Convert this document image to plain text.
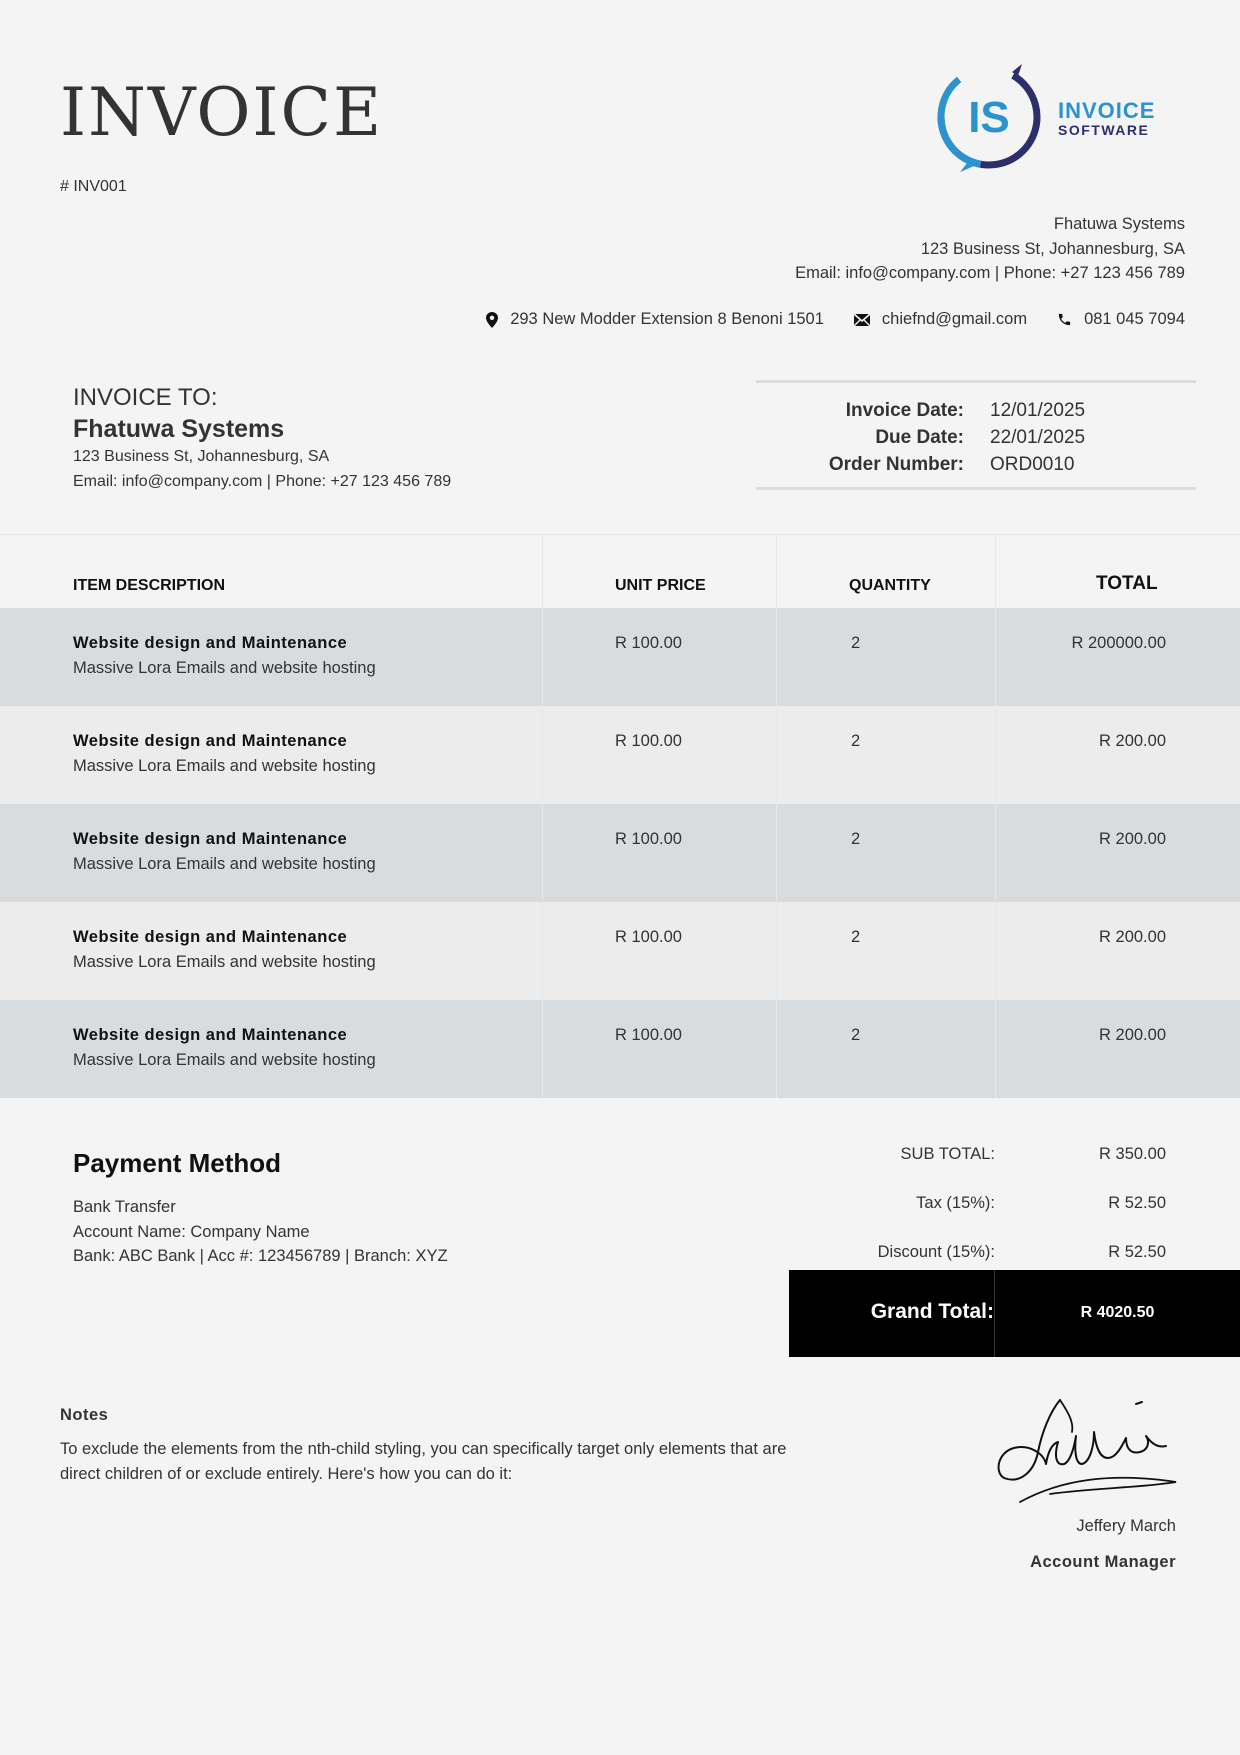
INVOICE
# INV001
IS INVOICE
SOFTWARE
Fhatuwa Systems
123 Business St, Johannesburg, SA
Email: info@company.com | Phone: +27 123 456 789
293 New Modder Extension 8 Benoni 1501	chiefnd@gmail.com	081 045 7094
INVOICE TO:
Fhatuwa Systems
123 Business St, Johannesburg, SA
Email: info@company.com | Phone: +27 123 456 789
Invoice Date:	12/01/2025
Due Date:	22/01/2025
Order Number:	ORD0010
ITEM DESCRIPTION	UNIT PRICE	QUANTITY	TOTAL
Website design and Maintenance
Massive Lora Emails and website hosting
R 100.00	2	R 200000.00
Website design and Maintenance
Massive Lora Emails and website hosting
R 100.00	2	R 200.00
Website design and Maintenance
Massive Lora Emails and website hosting
R 100.00	2	R 200.00
Website design and Maintenance
Massive Lora Emails and website hosting
R 100.00	2	R 200.00
Website design and Maintenance
Massive Lora Emails and website hosting
R 100.00	2	R 200.00
Payment Method
Bank Transfer
Account Name: Company Name
Bank: ABC Bank | Acc #: 123456789 | Branch: XYZ
SUB TOTAL:	R 350.00
Tax (15%):	R 52.50
Discount (15%):	R 52.50
Grand Total:	R 4020.50
Notes
To exclude the elements from the nth-child styling, you can specifically target only elements that are direct children of or exclude entirely. Here's how you can do it:
Jeffery March
Account Manager
